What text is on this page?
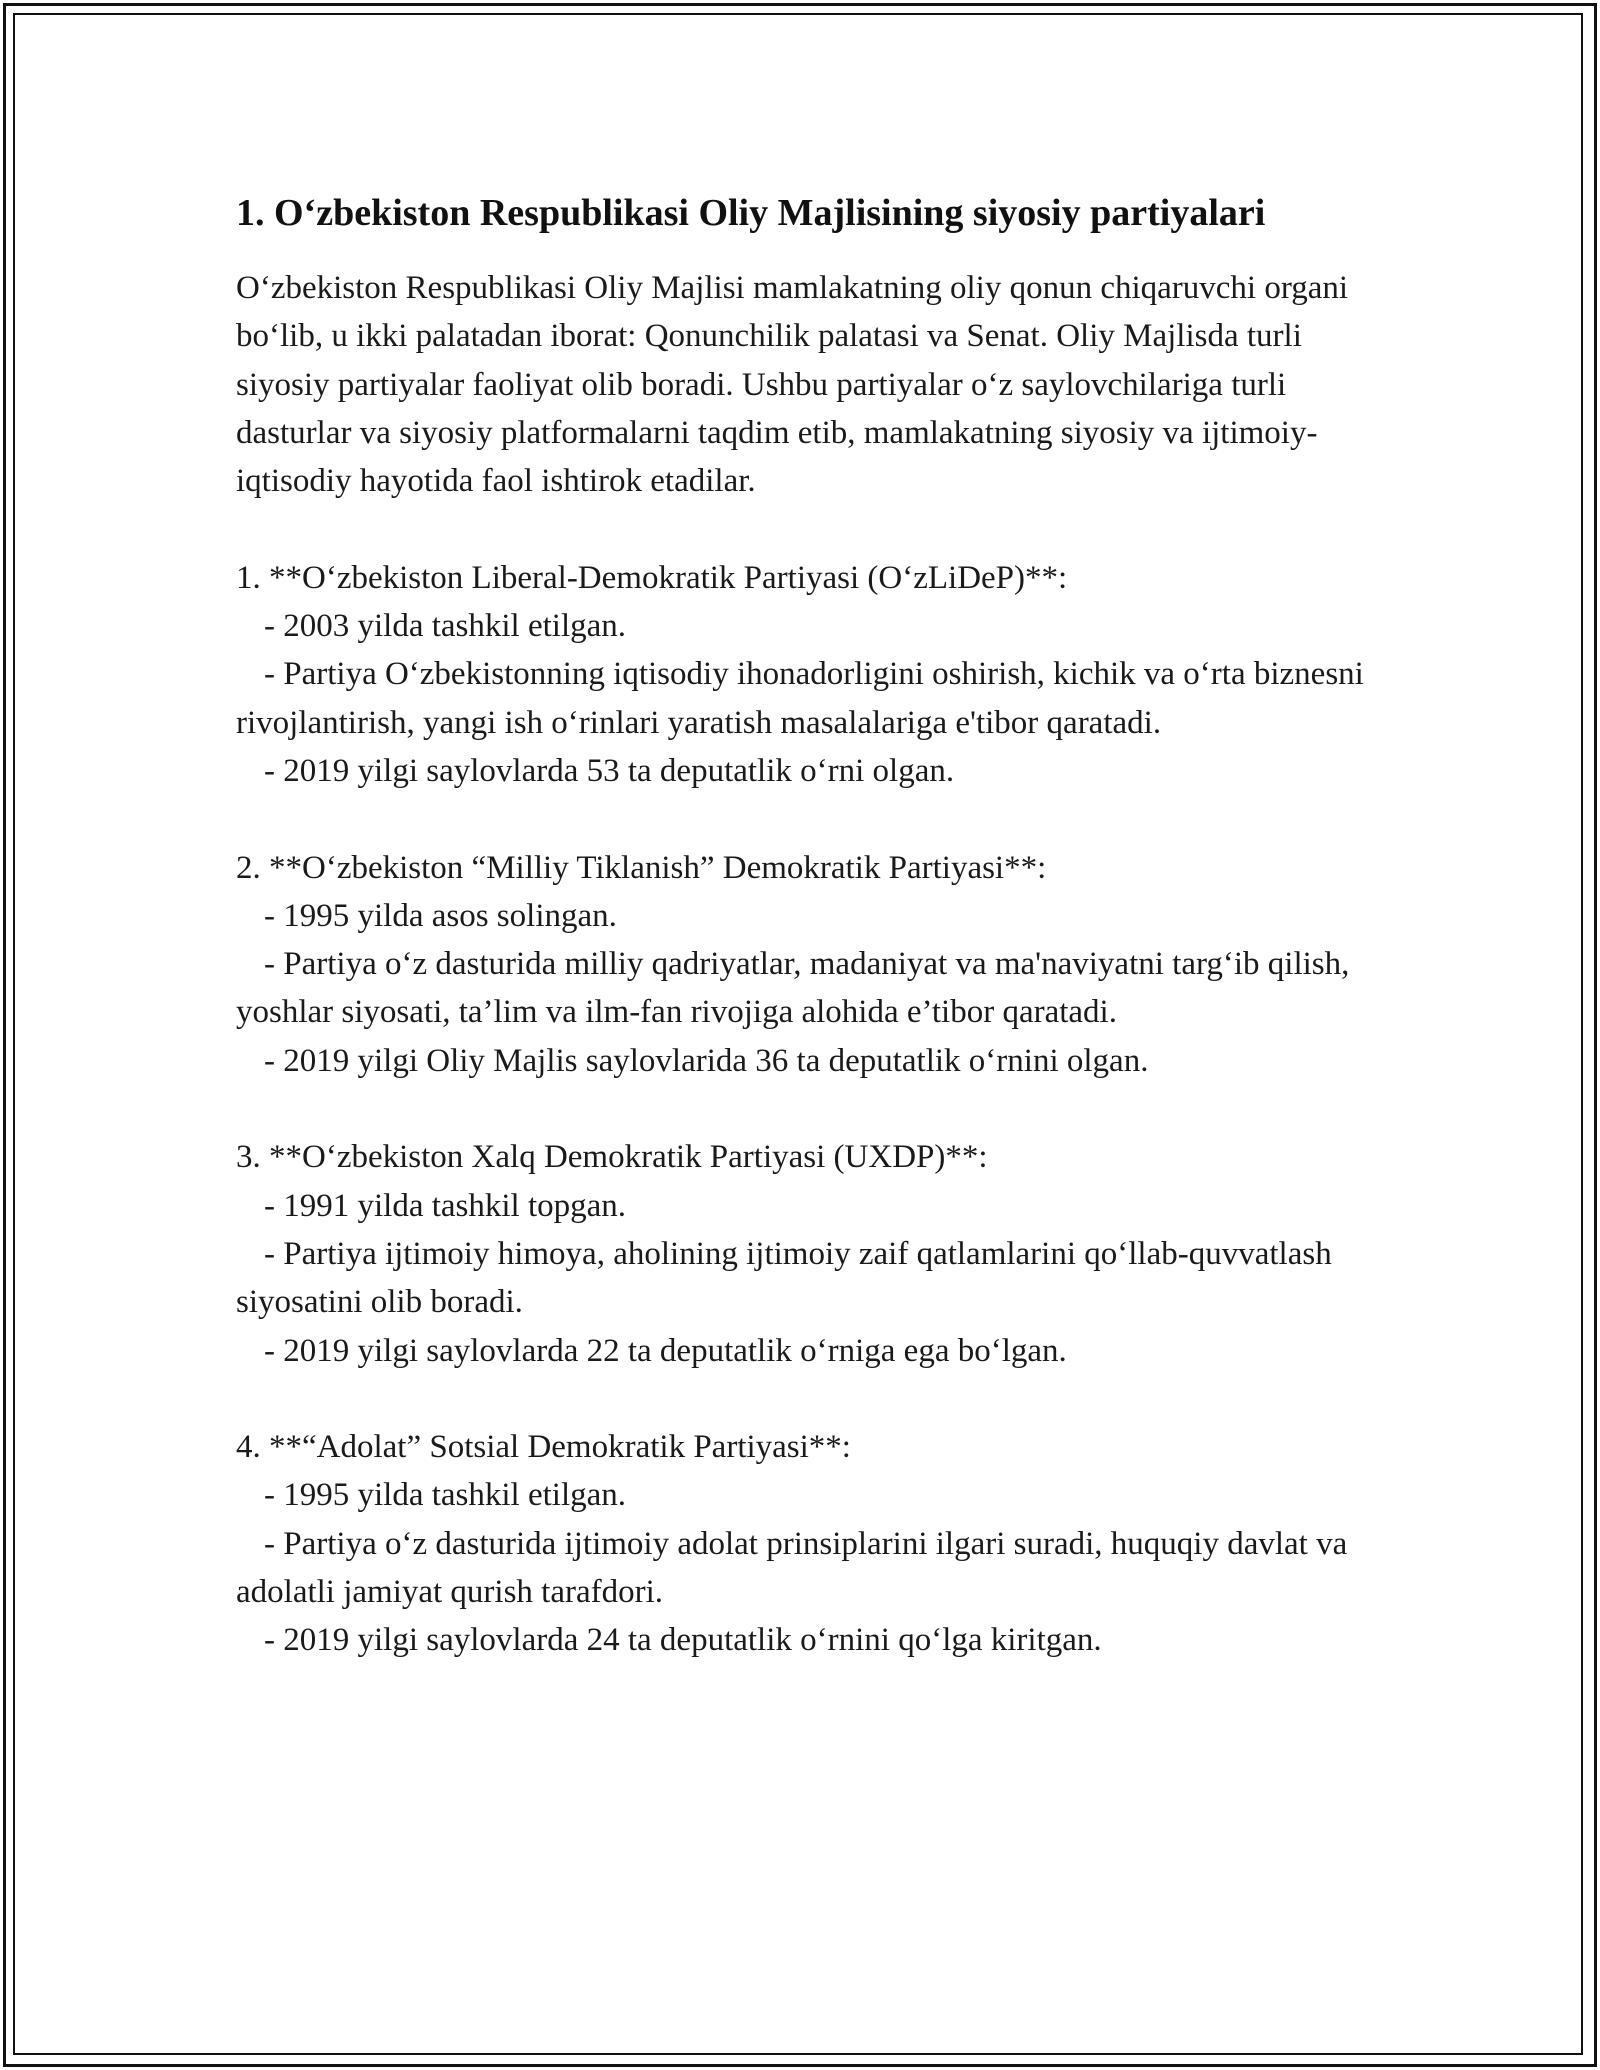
1. O‘zbekiston Respublikasi Oliy Majlisining siyosiy partiyalari

O‘zbekiston Respublikasi Oliy Majlisi mamlakatning oliy qonun chiqaruvchi organi bo‘lib, u ikki palatadan iborat: Qonunchilik palatasi va Senat. Oliy Majlisda turli siyosiy partiyalar faoliyat olib boradi. Ushbu partiyalar o‘z saylovchilariga turli dasturlar va siyosiy platformalarni taqdim etib, mamlakatning siyosiy va ijtimoiy-iqtisodiy hayotida faol ishtirok etadilar.

1. **O‘zbekiston Liberal-Demokratik Partiyasi (O‘zLiDeP)**:

- 2003 yilda tashkil etilgan.

- Partiya O‘zbekistonning iqtisodiy ihonadorligini oshirish, kichik va o‘rta biznesni rivojlantirish, yangi ish o‘rinlari yaratish masalalariga e'tibor qaratadi.

- 2019 yilgi saylovlarda 53 ta deputatlik o‘rni olgan.

2. **O‘zbekiston “Milliy Tiklanish” Demokratik Partiyasi**:

- 1995 yilda asos solingan.

- Partiya o‘z dasturida milliy qadriyatlar, madaniyat va ma'naviyatni targ‘ib qilish, yoshlar siyosati, ta’lim va ilm-fan rivojiga alohida e’tibor qaratadi.

- 2019 yilgi Oliy Majlis saylovlarida 36 ta deputatlik o‘rnini olgan.

3. **O‘zbekiston Xalq Demokratik Partiyasi (UXDP)**:

- 1991 yilda tashkil topgan.

- Partiya ijtimoiy himoya, aholining ijtimoiy zaif qatlamlarini qo‘llab-quvvatlash siyosatini olib boradi.

- 2019 yilgi saylovlarda 22 ta deputatlik o‘rniga ega bo‘lgan.

4. **“Adolat” Sotsial Demokratik Partiyasi**:

- 1995 yilda tashkil etilgan.

- Partiya o‘z dasturida ijtimoiy adolat prinsiplarini ilgari suradi, huquqiy davlat va adolatli jamiyat qurish tarafdori.

- 2019 yilgi saylovlarda 24 ta deputatlik o‘rnini qo‘lga kiritgan.
